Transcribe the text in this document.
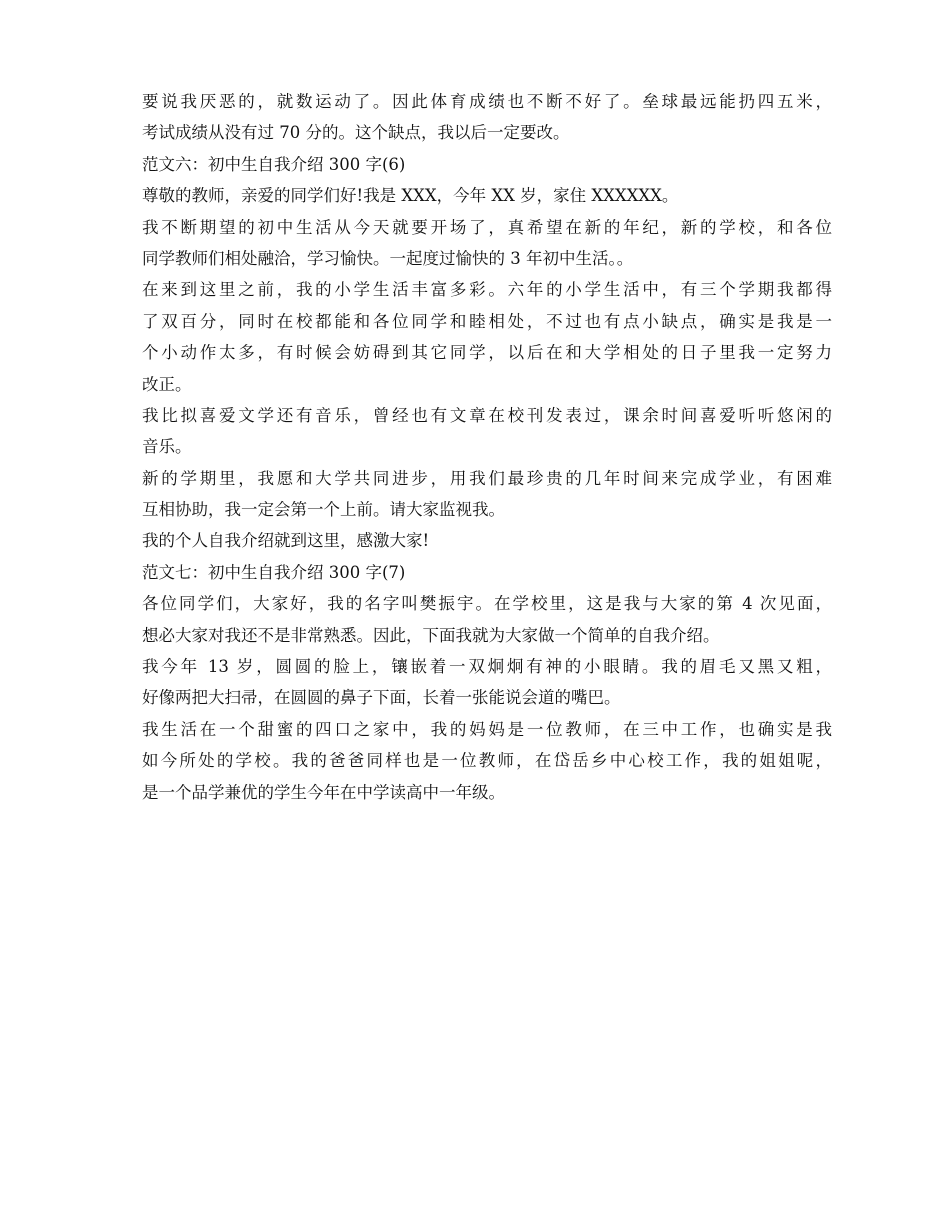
要说我厌恶的，就数运动了。因此体育成绩也不断不好了。垒球最远能扔四五米，
考试成绩从没有过 70 分的。这个缺点，我以后一定要改。
范文六：初中生自我介绍 300 字(6)
尊敬的教师，亲爱的同学们好!我是 XXX，今年 XX 岁，家住 XXXXXX。
我不断期望的初中生活从今天就要开场了，真希望在新的年纪，新的学校，和各位
同学教师们相处融洽，学习愉快。一起度过愉快的 3 年初中生活。。
在来到这里之前，我的小学生活丰富多彩。六年的小学生活中，有三个学期我都得
了双百分，同时在校都能和各位同学和睦相处，不过也有点小缺点，确实是我是一
个小动作太多，有时候会妨碍到其它同学，以后在和大学相处的日子里我一定努力
改正。
我比拟喜爱文学还有音乐，曾经也有文章在校刊发表过，课余时间喜爱听听悠闲的
音乐。
新的学期里，我愿和大学共同进步，用我们最珍贵的几年时间来完成学业，有困难
互相协助，我一定会第一个上前。请大家监视我。
我的个人自我介绍就到这里，感激大家!
范文七：初中生自我介绍 300 字(7)
各位同学们，大家好，我的名字叫樊振宇。在学校里，这是我与大家的第 4 次见面，
想必大家对我还不是非常熟悉。因此，下面我就为大家做一个简单的自我介绍。
我今年 13 岁，圆圆的脸上，镶嵌着一双炯炯有神的小眼睛。我的眉毛又黑又粗，
好像两把大扫帚，在圆圆的鼻子下面，长着一张能说会道的嘴巴。
我生活在一个甜蜜的四口之家中，我的妈妈是一位教师，在三中工作，也确实是我
如今所处的学校。我的爸爸同样也是一位教师，在岱岳乡中心校工作，我的姐姐呢，
是一个品学兼优的学生今年在中学读高中一年级。
